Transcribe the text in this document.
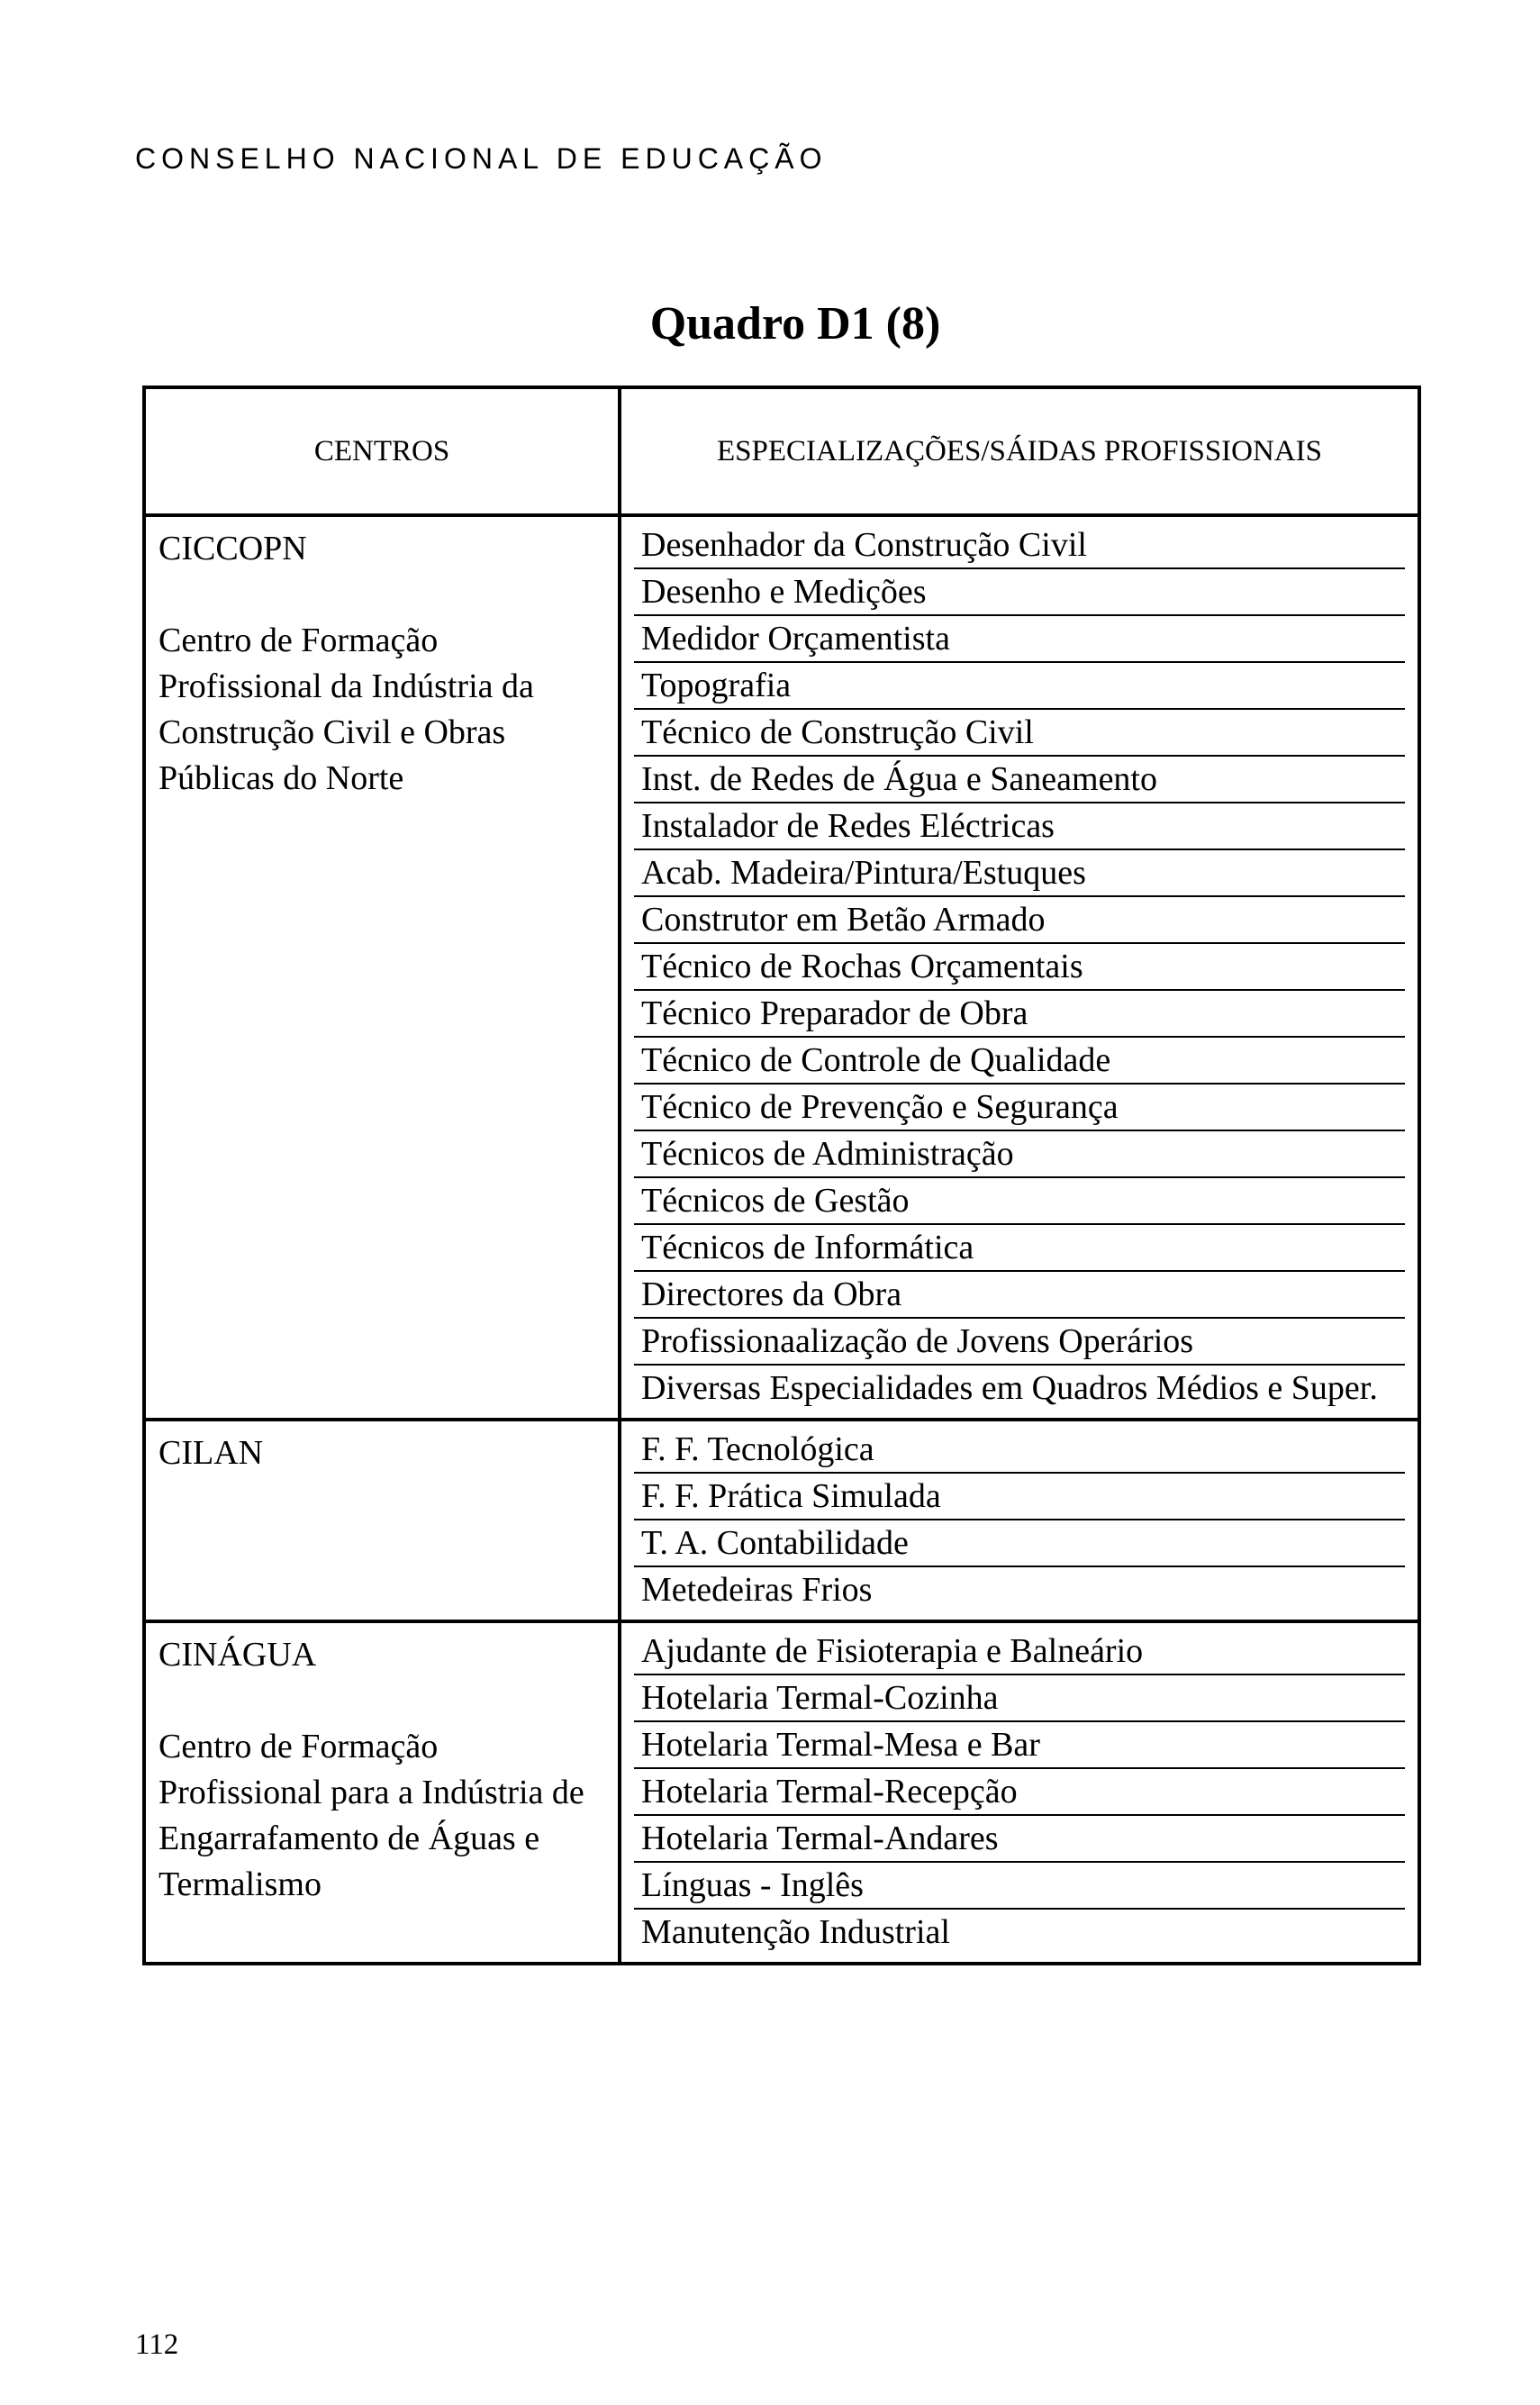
CONSELHO NACIONAL DE EDUCAÇÃO
Quadro D1 (8)
CENTROS	ESPECIALIZAÇÕES/SÁIDAS PROFISSIONAIS
CICCOPN
Centro de Formação Profissional da Indústria da Construção Civil e Obras Públicas do Norte
Desenhador da Construção Civil
Desenho e Medições
Medidor Orçamentista
Topografia
Técnico de Construção Civil
Inst. de Redes de Água e Saneamento
Instalador de Redes Eléctricas
Acab. Madeira/Pintura/Estuques
Construtor em Betão Armado
Técnico de Rochas Orçamentais
Técnico Preparador de Obra
Técnico de Controle de Qualidade
Técnico de Prevenção e Segurança
Técnicos de Administração
Técnicos de Gestão
Técnicos de Informática
Directores da Obra
Profissionaalização de Jovens Operários
Diversas Especialidades em Quadros Médios e Super.
CILAN	F. F. Tecnológica
F. F. Prática Simulada
T. A. Contabilidade
Metedeiras Frios
CINÁGUA
Centro de Formação Profissional para a Indústria de Engarrafamento de Águas e Termalismo
Ajudante de Fisioterapia e Balneário
Hotelaria Termal-Cozinha
Hotelaria Termal-Mesa e Bar
Hotelaria Termal-Recepção
Hotelaria Termal-Andares
Línguas - Inglês
Manutenção Industrial
112
